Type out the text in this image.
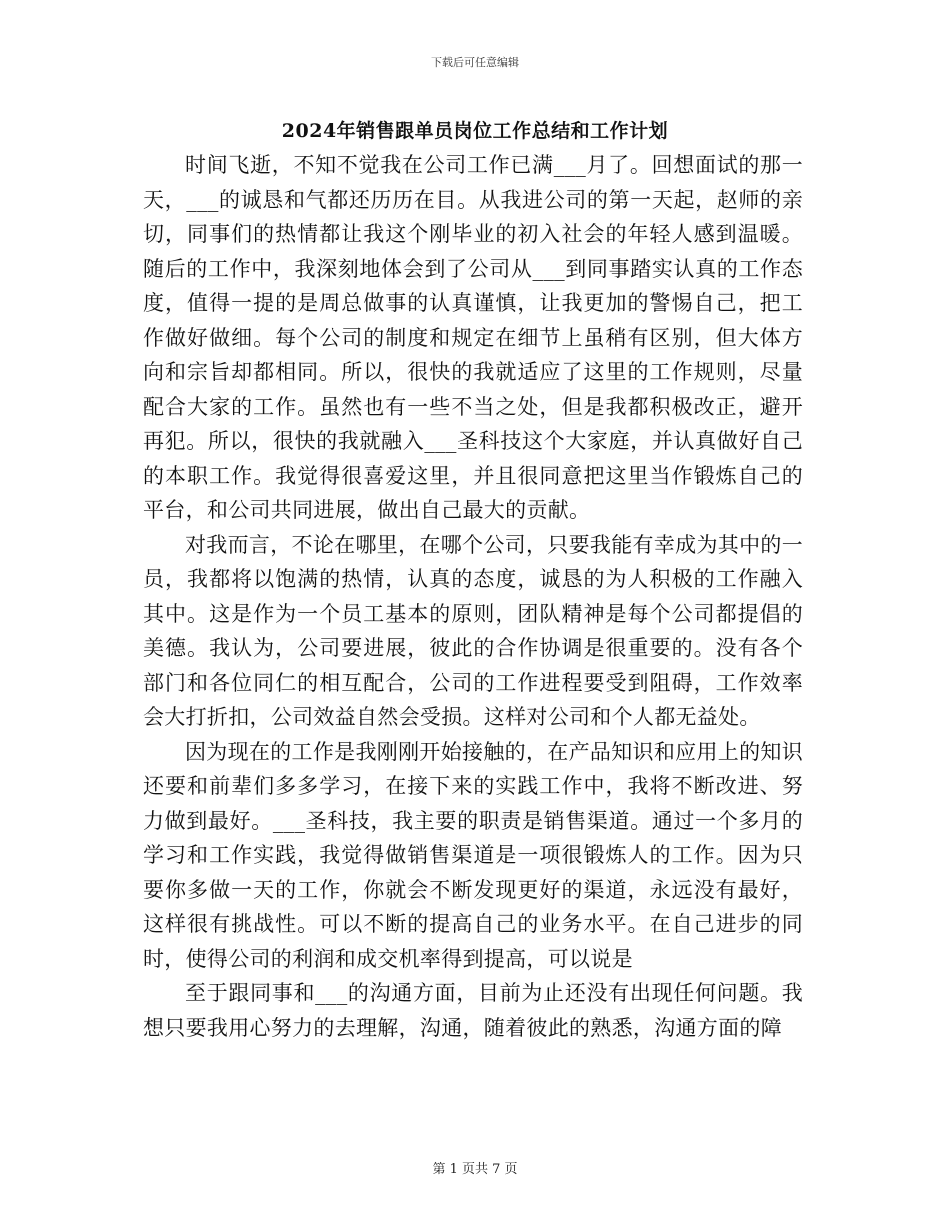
下载后可任意编辑
2024年销售跟单员岗位工作总结和工作计划

时间飞逝，不知不觉我在公司工作已满___月了。回想面试的那一天，___的诚恳和气都还历历在目。从我进公司的第一天起，赵师的亲切，同事们的热情都让我这个刚毕业的初入社会的年轻人感到温暖。随后的工作中，我深刻地体会到了公司从___到同事踏实认真的工作态度，值得一提的是周总做事的认真谨慎，让我更加的警惕自己，把工作做好做细。每个公司的制度和规定在细节上虽稍有区别，但大体方向和宗旨却都相同。所以，很快的我就适应了这里的工作规则，尽量配合大家的工作。虽然也有一些不当之处，但是我都积极改正，避开再犯。所以，很快的我就融入___圣科技这个大家庭，并认真做好自己的本职工作。我觉得很喜爱这里，并且很同意把这里当作锻炼自己的平台，和公司共同进展，做出自己最大的贡献。

对我而言，不论在哪里，在哪个公司，只要我能有幸成为其中的一员，我都将以饱满的热情，认真的态度，诚恳的为人积极的工作融入其中。这是作为一个员工基本的原则，团队精神是每个公司都提倡的美德。我认为，公司要进展，彼此的合作协调是很重要的。没有各个部门和各位同仁的相互配合，公司的工作进程要受到阻碍，工作效率会大打折扣，公司效益自然会受损。这样对公司和个人都无益处。

因为现在的工作是我刚刚开始接触的，在产品知识和应用上的知识还要和前辈们多多学习，在接下来的实践工作中，我将不断改进、努力做到最好。___圣科技，我主要的职责是销售渠道。通过一个多月的学习和工作实践，我觉得做销售渠道是一项很锻炼人的工作。因为只要你多做一天的工作，你就会不断发现更好的渠道，永远没有最好，这样很有挑战性。可以不断的提高自己的业务水平。在自己进步的同时，使得公司的利润和成交机率得到提高，可以说是

至于跟同事和___的沟通方面，目前为止还没有出现任何问题。我想只要我用心努力的去理解，沟通，随着彼此的熟悉，沟通方面的障

第 1 页共 7 页
